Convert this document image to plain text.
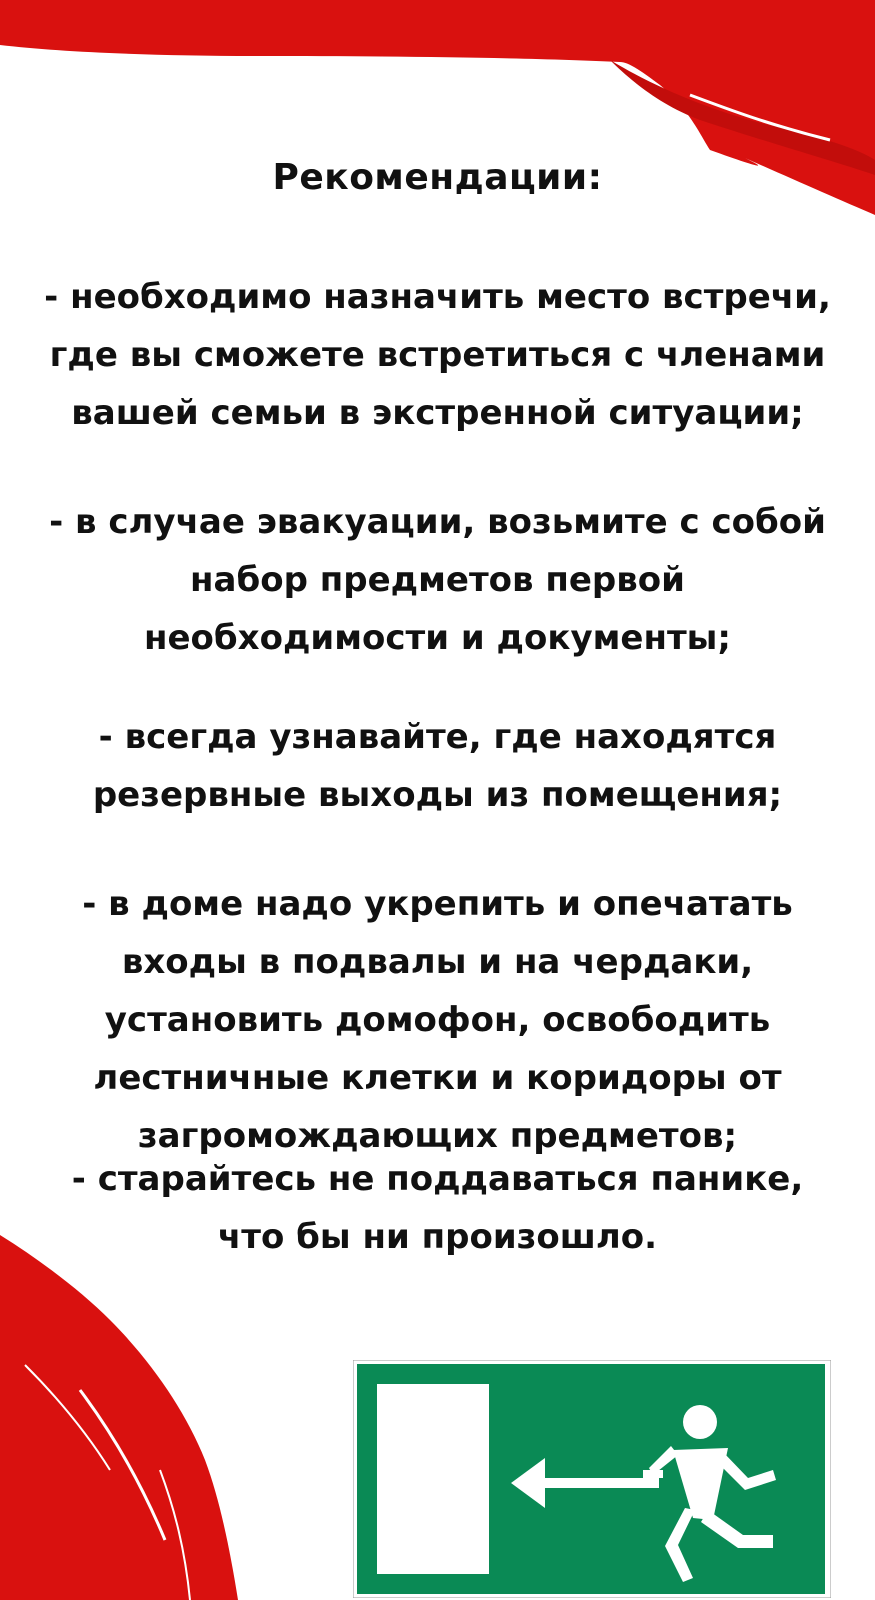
Рекомендации:
- необходимо назначить место встречи,
где вы сможете встретиться с членами
вашей семьи в экстренной ситуации;
- в случае эвакуации, возьмите с собой
набор предметов первой
необходимости и документы;
- всегда узнавайте, где находятся
резервные выходы из помещения;
- в доме надо укрепить и опечатать
входы в подвалы и на чердаки,
установить домофон, освободить
лестничные клетки и коридоры от
загромождающих предметов;
- старайтесь не поддаваться панике,
что бы ни произошло.
